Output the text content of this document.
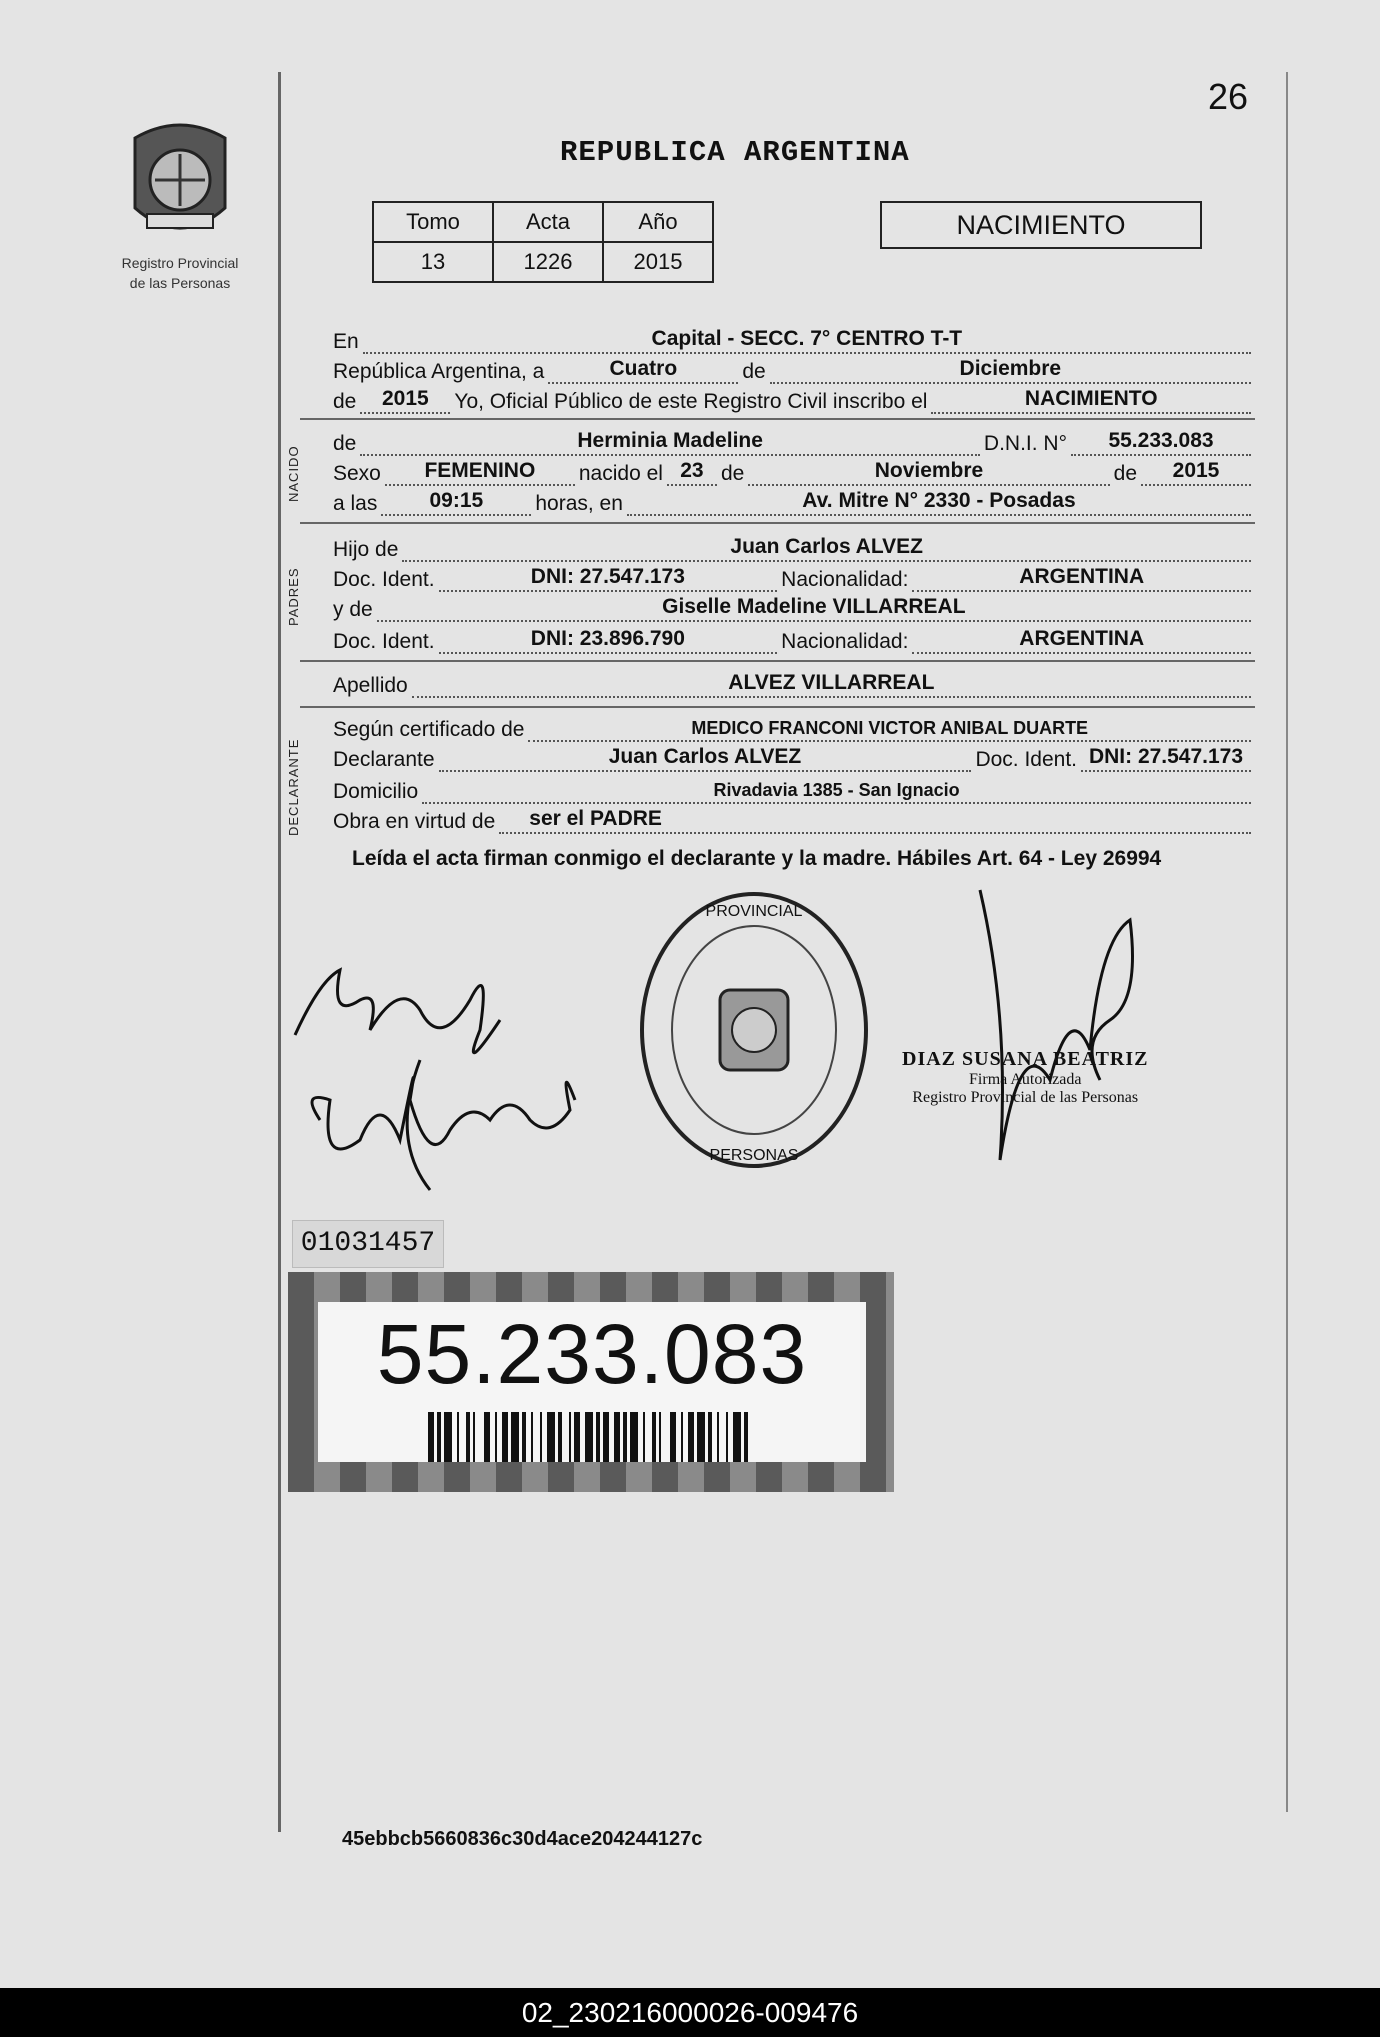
26
Registro Provincial
de las Personas
REPUBLICA ARGENTINA
Tomo	Acta	Año
13	1226	2015
NACIMIENTO
En	Capital - SECC. 7° CENTRO T-T
República Argentina, a	Cuatro	de	Diciembre
de 2015 Yo, Oficial Público de este Registro Civil inscribo el	NACIMIENTO
NACIDO
de	Herminia Madeline	D.N.I. N° 55.233.083
Sexo FEMENINO nacido el 23 de	Noviembre	de 2015
a las 09:15 horas, en	Av. Mitre N° 2330 - Posadas
PADRES
Hijo de	Juan Carlos ALVEZ
Doc. Ident.	DNI: 27.547.173	Nacionalidad:	ARGENTINA
y de	Giselle Madeline VILLARREAL
Doc. Ident.	DNI: 23.896.790	Nacionalidad:	ARGENTINA
Apellido	ALVEZ VILLARREAL
DECLARANTE
Según certificado de	MEDICO FRANCONI VICTOR ANIBAL DUARTE
Declarante	Juan Carlos ALVEZ	Doc. Ident. DNI: 27.547.173
Domicilio	Rivadavia 1385 - San Ignacio
Obra en virtud de ser el PADRE
Leída el acta firman conmigo el declarante y la madre. Hábiles Art. 64 - Ley 26994
PROVINCIAL
PERSONAS
DIAZ SUSANA BEATRIZ
Firma Autorizada
Registro Provincial de las Personas
01031457
55.233.083
45ebbcb5660836c30d4ace204244127c
02_230216000026-009476
